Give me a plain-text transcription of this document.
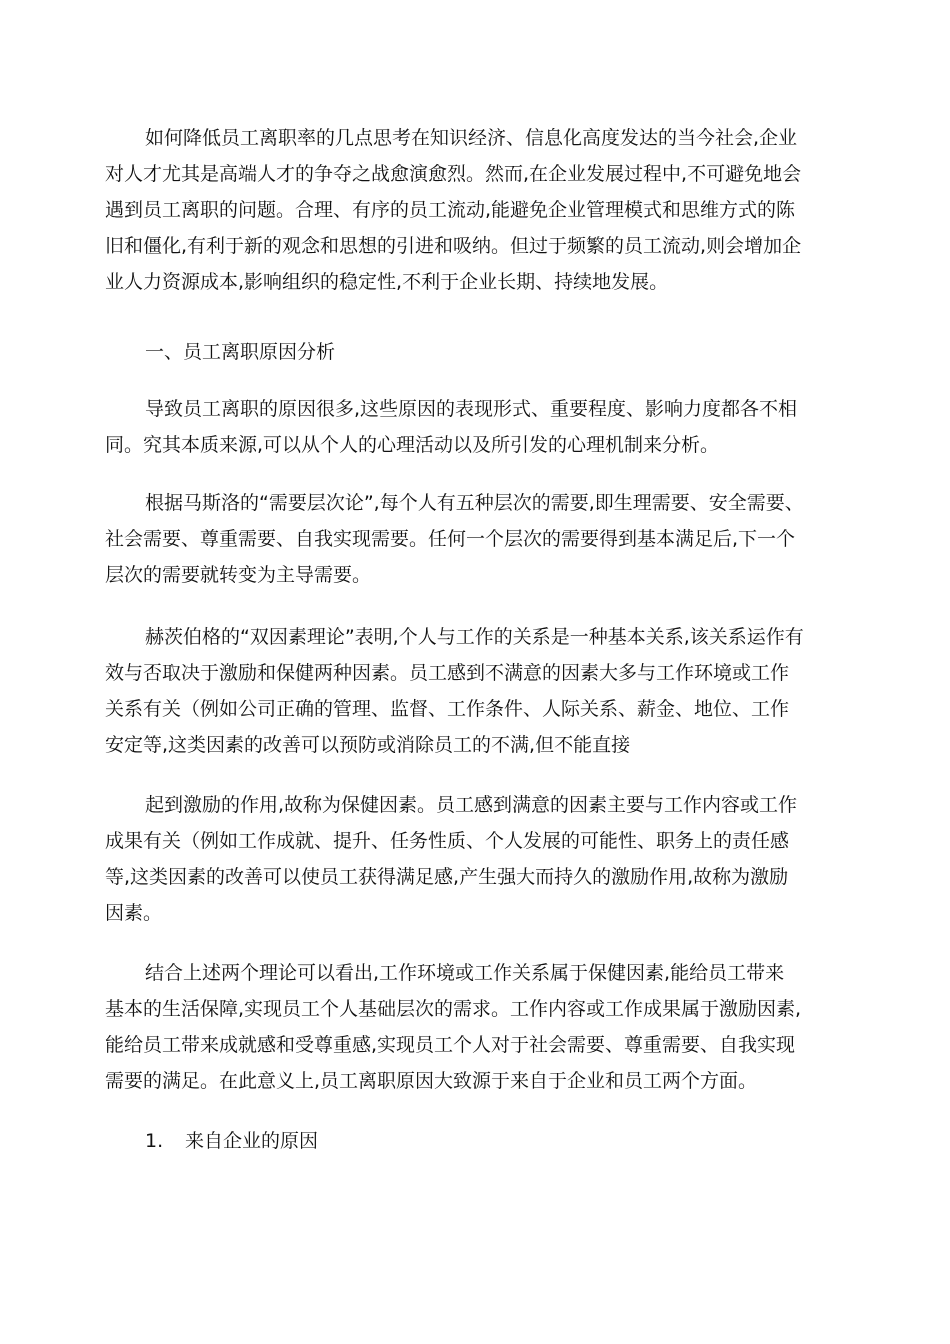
如何降低员工离职率的几点思考在知识经济、信息化高度发达的当今社会,企业
对人才尤其是高端人才的争夺之战愈演愈烈。然而,在企业发展过程中,不可避免地会
遇到员工离职的问题。合理、有序的员工流动,能避免企业管理模式和思维方式的陈
旧和僵化,有利于新的观念和思想的引进和吸纳。但过于频繁的员工流动,则会增加企
业人力资源成本,影响组织的稳定性,不利于企业长期、持续地发展。

一、员工离职原因分析

导致员工离职的原因很多,这些原因的表现形式、重要程度、影响力度都各不相
同。究其本质来源,可以从个人的心理活动以及所引发的心理机制来分析。

根据马斯洛的“需要层次论”,每个人有五种层次的需要,即生理需要、安全需要、
社会需要、尊重需要、自我实现需要。任何一个层次的需要得到基本满足后,下一个
层次的需要就转变为主导需要。

赫茨伯格的“双因素理论”表明,个人与工作的关系是一种基本关系,该关系运作有
效与否取决于激励和保健两种因素。员工感到不满意的因素大多与工作环境或工作
关系有关（例如公司正确的管理、监督、工作条件、人际关系、薪金、地位、工作
安定等,这类因素的改善可以预防或消除员工的不满,但不能直接

起到激励的作用,故称为保健因素。员工感到满意的因素主要与工作内容或工作
成果有关（例如工作成就、提升、任务性质、个人发展的可能性、职务上的责任感
等,这类因素的改善可以使员工获得满足感,产生强大而持久的激励作用,故称为激励
因素。

结合上述两个理论可以看出,工作环境或工作关系属于保健因素,能给员工带来
基本的生活保障,实现员工个人基础层次的需求。工作内容或工作成果属于激励因素,
能给员工带来成就感和受尊重感,实现员工个人对于社会需要、尊重需要、自我实现
需要的满足。在此意义上,员工离职原因大致源于来自于企业和员工两个方面。

1. 来自企业的原因
